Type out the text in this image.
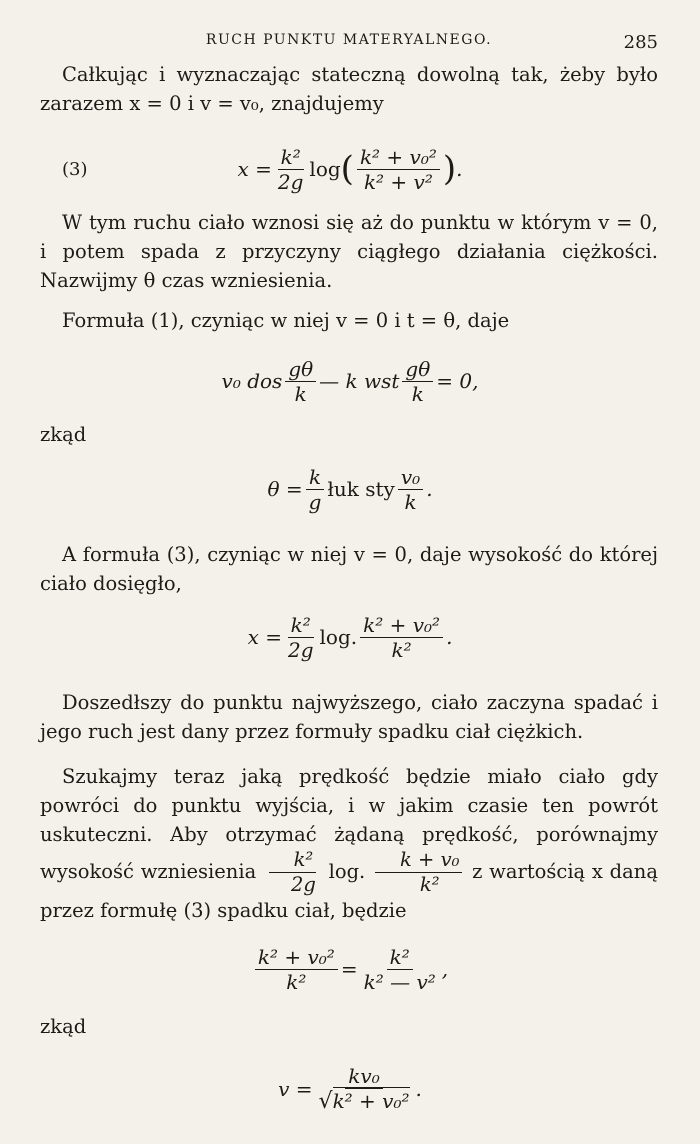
RUCH PUNKTU MATERYALNEGO.	285
Całkując i wyznaczając stateczną dowolną tak, żeby było zarazem x = 0 i v = v₀, znajdujemy
(3)	$x = \frac{\text{k²}}{2g}$ log ( $\frac{\text{k² + v₀²}}{\text{k² + v²}}$ ) .
W tym ruchu ciało wznosi się aż do punktu w którym v = 0, i potem spada z przyczyny ciągłego działania ciężkości. Nazwijmy θ czas wzniesienia.
Formuła (1), czyniąc w niej v = 0 i t = θ, daje
v₀ dos $\frac{g\theta}{k}$ — k wst $\frac{g\theta}{k} = 0$,
zkąd
$\theta = \frac{k}{g}$ łuk sty $\frac{\text{v₀}}{k}$ .
A formuła (3), czyniąc w niej v = 0, daje wysokość do której ciało dosięgło,
$x = \frac{\text{k²}}{2g} \log$. $\frac{\text{k² + v₀²}}{\text{k²}}$ .
Doszedłszy do punktu najwyższego, ciało zaczyna spadać i jego ruch jest dany przez formuły spadku ciał ciężkich.
Szukajmy teraz jaką prędkość będzie miało ciało gdy powróci do punktu wyjścia, i w jakim czasie ten powrót uskuteczni. Aby otrzymać żądaną prędkość, porównajmy wysokość wzniesienia $\frac{\text{k²}}{2g} \log$. $\frac{\text{k + v₀}}{\text{k²}}$ z wartością x daną przez formułę (3) spadku ciał, będzie
$\frac{\text{k² + v₀²}}{\text{k²}} = \frac{\text{k²}}{\text{k² — v²}}$ ,
zkąd
$v = \frac{\text{kv₀}}{\text{√k² + v₀²}}$ .
